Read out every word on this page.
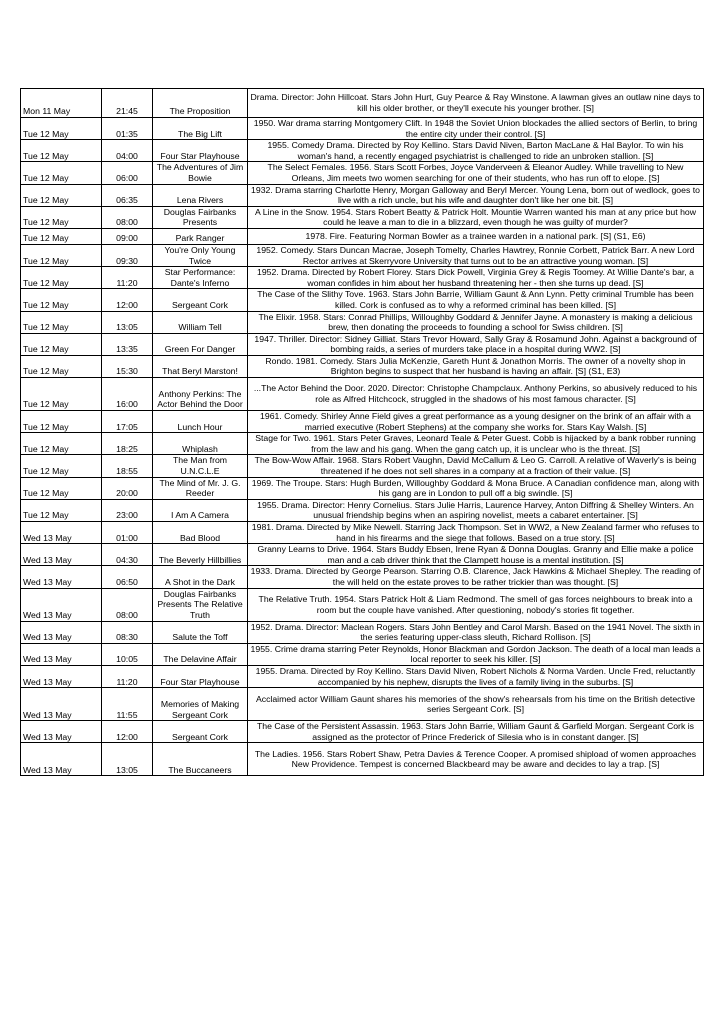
Mon 11 May	21:45	The Proposition	Drama. Director: John Hillcoat. Stars John Hurt, Guy Pearce & Ray Winstone. A lawman gives an outlaw nine days to kill his older brother, or they'll execute his younger brother. [S]
Tue 12 May	01:35	The Big Lift	1950. War drama starring Montgomery Clift. In 1948 the Soviet Union blockades the allied sectors of Berlin, to bring the entire city under their control. [S]
Tue 12 May	04:00	Four Star Playhouse	1955. Comedy Drama. Directed by Roy Kellino. Stars David Niven, Barton MacLane & Hal Baylor. To win his woman's hand, a recently engaged psychiatrist is challenged to ride an unbroken stallion. [S]
Tue 12 May	06:00	The Adventures of Jim Bowie	The Select Females. 1956. Stars Scott Forbes, Joyce Vanderveen & Eleanor Audley. While travelling to New Orleans, Jim meets two women searching for one of their students, who has run off to elope. [S]
Tue 12 May	06:35	Lena Rivers	1932. Drama starring Charlotte Henry, Morgan Galloway and Beryl Mercer. Young Lena, born out of wedlock, goes to live with a rich uncle, but his wife and daughter don't like her one bit. [S]
Tue 12 May	08:00	Douglas Fairbanks Presents	A Line in the Snow. 1954. Stars Robert Beatty & Patrick Holt. Mountie Warren wanted his man at any price but how could he leave a man to die in a blizzard, even though he was guilty of murder?
Tue 12 May	09:00	Park Ranger	1978. Fire. Featuring Norman Bowler as a trainee warden in a national park. [S] (S1, E6)
Tue 12 May	09:30	You're Only Young Twice	1952. Comedy. Stars Duncan Macrae, Joseph Tomelty, Charles Hawtrey, Ronnie Corbett, Patrick Barr. A new Lord Rector arrives at Skerryvore University that turns out to be an attractive young woman. [S]
Tue 12 May	11:20	Star Performance: Dante's Inferno	1952. Drama. Directed by Robert Florey. Stars Dick Powell, Virginia Grey & Regis Toomey. At Willie Dante's bar, a woman confides in him about her husband threatening her - then she turns up dead. [S]
Tue 12 May	12:00	Sergeant Cork	The Case of the Slithy Tove. 1963. Stars John Barrie, William Gaunt & Ann Lynn. Petty criminal Trumble has been killed. Cork is confused as to why a reformed criminal has been killed. [S]
Tue 12 May	13:05	William Tell	The Elixir. 1958. Stars: Conrad Phillips, Willoughby Goddard & Jennifer Jayne. A monastery is making a delicious brew, then donating the proceeds to founding a school for Swiss children. [S]
Tue 12 May	13:35	Green For Danger	1947. Thriller. Director: Sidney Gilliat. Stars Trevor Howard, Sally Gray & Rosamund John. Against a background of bombing raids, a series of murders take place in a hospital during WW2. [S]
Tue 12 May	15:30	That Beryl Marston!	Rondo. 1981. Comedy. Stars Julia McKenzie, Gareth Hunt & Jonathon Morris. The owner of a novelty shop in Brighton begins to suspect that her husband is having an affair. [S] (S1, E3)
Tue 12 May	16:00	Anthony Perkins: The Actor Behind the Door	...The Actor Behind the Door. 2020. Director: Christophe Champclaux. Anthony Perkins, so abusively reduced to his role as Alfred Hitchcock, struggled in the shadows of his most famous character. [S]
Tue 12 May	17:05	Lunch Hour	1961. Comedy. Shirley Anne Field gives a great performance as a young designer on the brink of an affair with a married executive (Robert Stephens) at the company she works for. Stars Kay Walsh. [S]
Tue 12 May	18:25	Whiplash	Stage for Two. 1961. Stars Peter Graves, Leonard Teale & Peter Guest. Cobb is hijacked by a bank robber running from the law and his gang. When the gang catch up, it is unclear who is the threat. [S]
Tue 12 May	18:55	The Man from U.N.C.L.E	The Bow-Wow Affair. 1968. Stars Robert Vaughn, David McCallum & Leo G. Carroll. A relative of Waverly's is being threatened if he does not sell shares in a company at a fraction of their value. [S]
Tue 12 May	20:00	The Mind of Mr. J. G. Reeder	1969. The Troupe. Stars: Hugh Burden, Willoughby Goddard & Mona Bruce. A Canadian confidence man, along with his gang are in London to pull off a big swindle. [S]
Tue 12 May	23:00	I Am A Camera	1955. Drama. Director: Henry Cornelius. Stars Julie Harris, Laurence Harvey, Anton Diffring & Shelley Winters. An unusual friendship begins when an aspiring novelist, meets a cabaret entertainer. [S]
Wed 13 May	01:00	Bad Blood	1981. Drama. Directed by Mike Newell. Starring Jack Thompson. Set in WW2, a New Zealand farmer who refuses to hand in his firearms and the siege that follows. Based on a true story. [S]
Wed 13 May	04:30	The Beverly Hillbillies	Granny Learns to Drive. 1964. Stars Buddy Ebsen, Irene Ryan & Donna Douglas. Granny and Ellie make a police man and a cab driver think that the Clampett house is a mental institution. [S]
Wed 13 May	06:50	A Shot in the Dark	1933. Drama. Directed by George Pearson. Starring O.B. Clarence, Jack Hawkins & Michael Shepley. The reading of the will held on the estate proves to be rather trickier than was thought. [S]
Wed 13 May	08:00	Douglas Fairbanks Presents The Relative Truth	The Relative Truth. 1954. Stars Patrick Holt & Liam Redmond. The smell of gas forces neighbours to break into a room but the couple have vanished. After questioning, nobody's stories fit together.
Wed 13 May	08:30	Salute the Toff	1952. Drama. Director: Maclean Rogers. Stars John Bentley and Carol Marsh. Based on the 1941 Novel. The sixth in the series featuring upper-class sleuth, Richard Rollison. [S]
Wed 13 May	10:05	The Delavine Affair	1955. Crime drama starring Peter Reynolds, Honor Blackman and Gordon Jackson. The death of a local man leads a local reporter to seek his killer. [S]
Wed 13 May	11:20	Four Star Playhouse	1955. Drama. Directed by Roy Kellino. Stars David Niven, Robert Nichols & Norma Varden. Uncle Fred, reluctantly accompanied by his nephew, disrupts the lives of a family living in the suburbs. [S]
Wed 13 May	11:55	Memories of Making Sergeant Cork	Acclaimed actor William Gaunt shares his memories of the show's rehearsals from his time on the British detective series Sergeant Cork. [S]
Wed 13 May	12:00	Sergeant Cork	The Case of the Persistent Assassin. 1963. Stars John Barrie, William Gaunt & Garfield Morgan. Sergeant Cork is assigned as the protector of Prince Frederick of Silesia who is in constant danger. [S]
Wed 13 May	13:05	The Buccaneers	The Ladies. 1956. Stars Robert Shaw, Petra Davies & Terence Cooper. A promised shipload of women approaches New Providence. Tempest is concerned Blackbeard may be aware and decides to lay a trap. [S]
